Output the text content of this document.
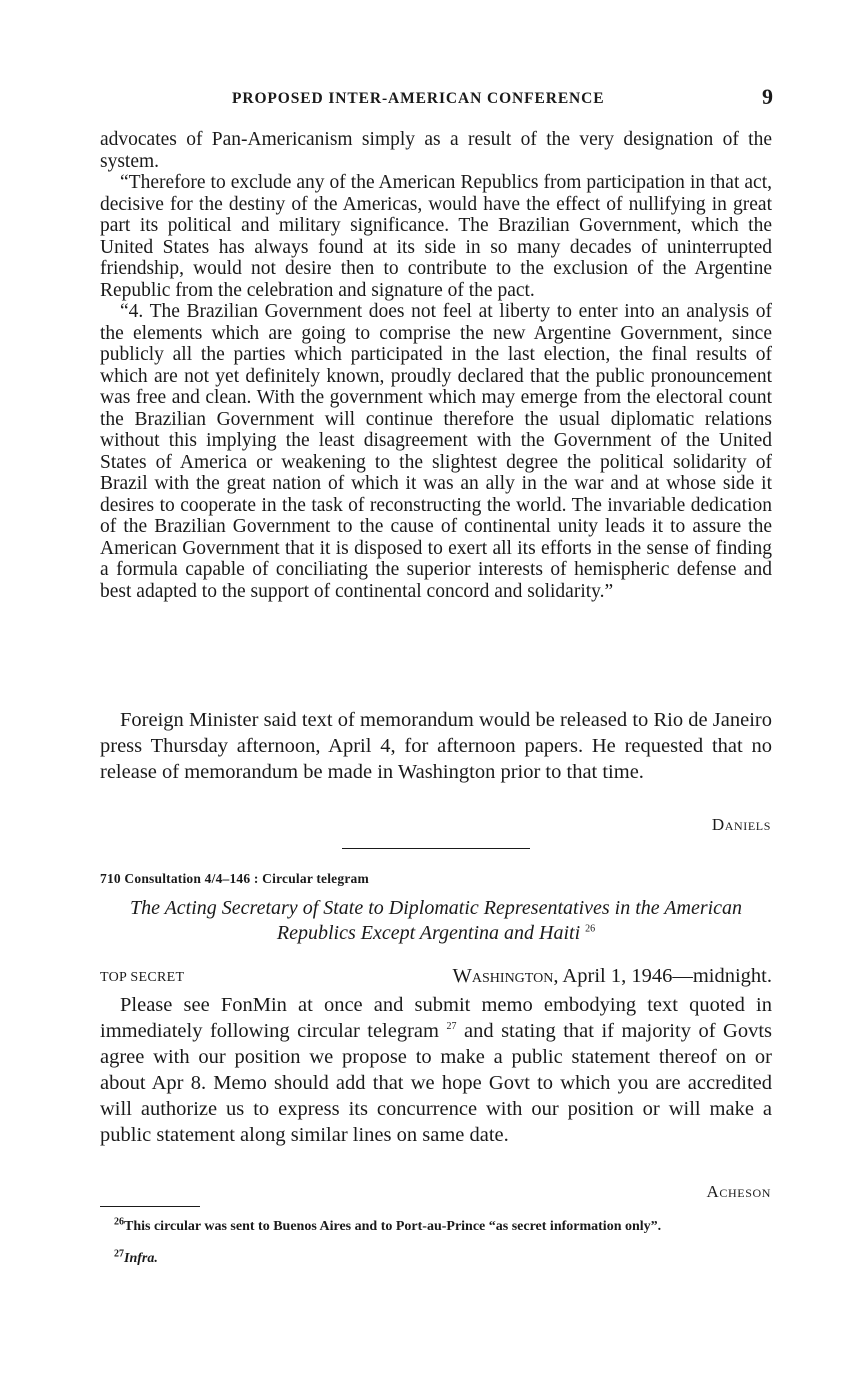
PROPOSED INTER-AMERICAN CONFERENCE	9

advocates of Pan-Americanism simply as a result of the very designation of the system.

“Therefore to exclude any of the American Republics from participation in that act, decisive for the destiny of the Americas, would have the effect of nullifying in great part its political and military significance. The Brazilian Government, which the United States has always found at its side in so many decades of uninterrupted friendship, would not desire then to contribute to the exclusion of the Argentine Republic from the celebration and signature of the pact.

“4. The Brazilian Government does not feel at liberty to enter into an analysis of the elements which are going to comprise the new Argentine Government, since publicly all the parties which participated in the last election, the final results of which are not yet definitely known, proudly declared that the public pronouncement was free and clean. With the government which may emerge from the electoral count the Brazilian Government will continue therefore the usual diplomatic relations without this implying the least disagreement with the Government of the United States of America or weakening to the slightest degree the political solidarity of Brazil with the great nation of which it was an ally in the war and at whose side it desires to cooperate in the task of reconstructing the world. The invariable dedication of the Brazilian Government to the cause of continental unity leads it to assure the American Government that it is disposed to exert all its efforts in the sense of finding a formula capable of conciliating the superior interests of hemispheric defense and best adapted to the support of continental concord and solidarity.”

Foreign Minister said text of memorandum would be released to Rio de Janeiro press Thursday afternoon, April 4, for afternoon papers. He requested that no release of memorandum be made in Washington prior to that time.

Daniels
710 Consultation 4/4–146 : Circular telegram
The Acting Secretary of State to Diplomatic Representatives in the American Republics Except Argentina and Haiti $^{26}$
TOP SECRET	Washington, April 1, 1946—midnight.

Please see FonMin at once and submit memo embodying text quoted in immediately following circular telegram $^{27}$ and stating that if majority of Govts agree with our position we propose to make a public statement thereof on or about Apr 8. Memo should add that we hope Govt to which you are accredited will authorize us to express its concurrence with our position or will make a public statement along similar lines on same date.

Acheson

$^{26}$This circular was sent to Buenos Aires and to Port-au-Prince “as secret information only”.

$^{27}$Infra.
